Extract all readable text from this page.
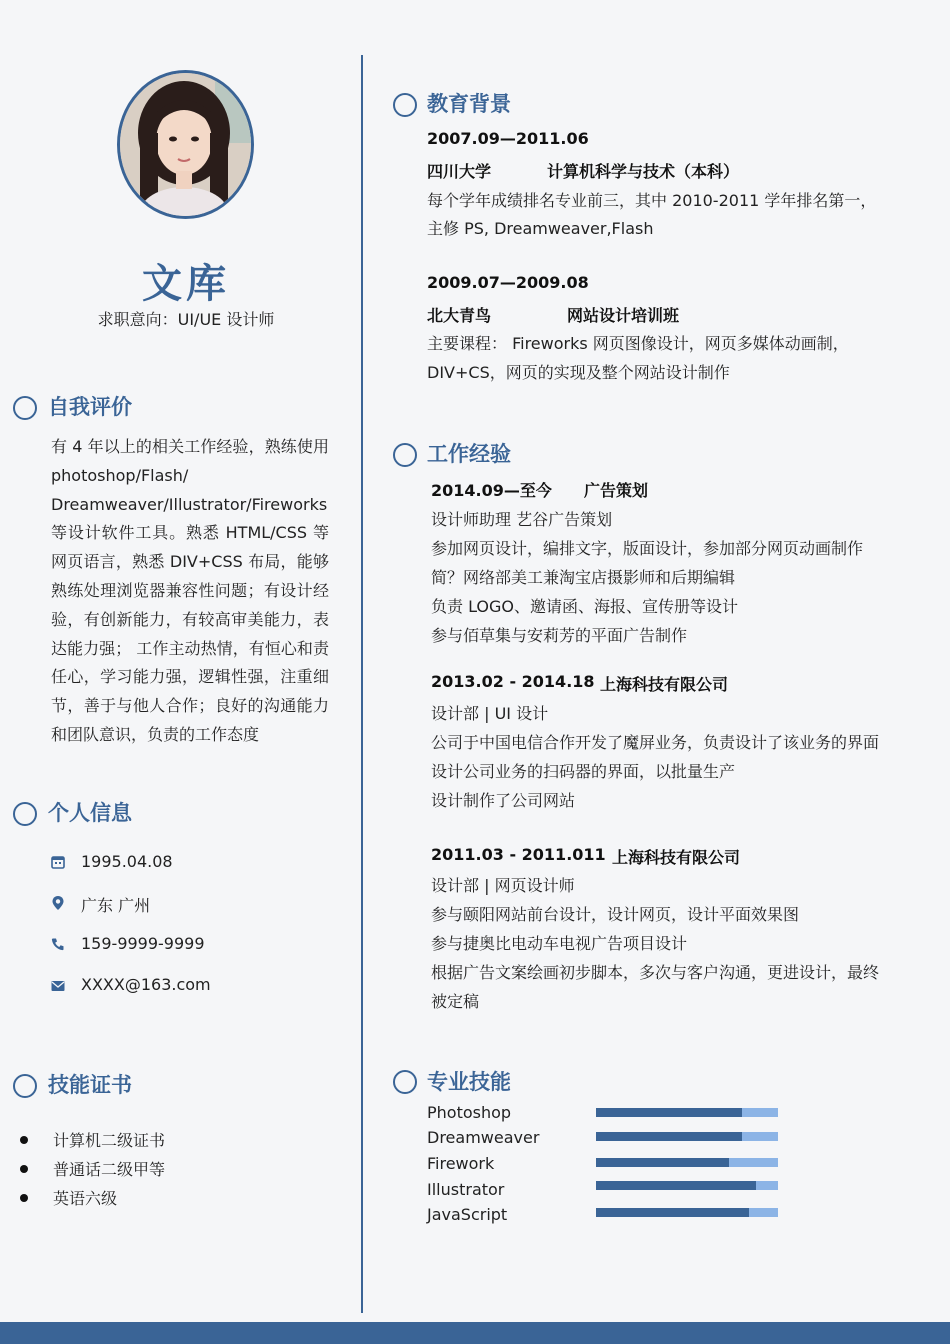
文库
求职意向：UI/UE 设计师
自我评价
有 4 年以上的相关工作经验，熟练使用 photoshop/Flash/ Dreamweaver/Illustrator/Fireworks 等设计软件工具。熟悉 HTML/CSS 等网页语言，熟悉 DIV+CSS 布局，能够熟练处理浏览器兼容性问题；有设计经验，有创新能力，有较高审美能力，表达能力强； 工作主动热情，有恒心和责任心，学习能力强，逻辑性强，注重细节，善于与他人合作；良好的沟通能力和团队意识，负责的工作态度
个人信息
1995.04.08
广东 广州
159-9999-9999
XXXX@163.com
技能证书
计算机二级证书
普通话二级甲等
英语六级
教育背景
2007.09—2011.06
四川大学	计算机科学与技术（本科）
每个学年成绩排名专业前三，其中 2010-2011 学年排名第一，
主修 PS, Dreamweaver,Flash
2009.07—2009.08
北大青鸟	网站设计培训班
主要课程： Fireworks 网页图像设计，网页多媒体动画制，
DIV+CS，网页的实现及整个网站设计制作
工作经验
2014.09—至今 广告策划
设计师助理 艺谷广告策划
参加网页设计，编排文字，版面设计，参加部分网页动画制作
简？网络部美工兼淘宝店摄影师和后期编辑
负责 LOGO、邀请函、海报、宣传册等设计
参与佰草集与安莉芳的平面广告制作
2013.02 - 2014.18 上海科技有限公司
设计部 | UI 设计
公司于中国电信合作开发了魔屏业务，负责设计了该业务的界面
设计公司业务的扫码器的界面，以批量生产
设计制作了公司网站
2011.03 - 2011.011 上海科技有限公司
设计部 | 网页设计师
参与颐阳网站前台设计，设计网页，设计平面效果图
参与捷奥比电动车电视广告项目设计
根据广告文案绘画初步脚本，多次与客户沟通，更进设计，最终
被定稿
专业技能
Photoshop
Dreamweaver
Firework
Illustrator
JavaScript
